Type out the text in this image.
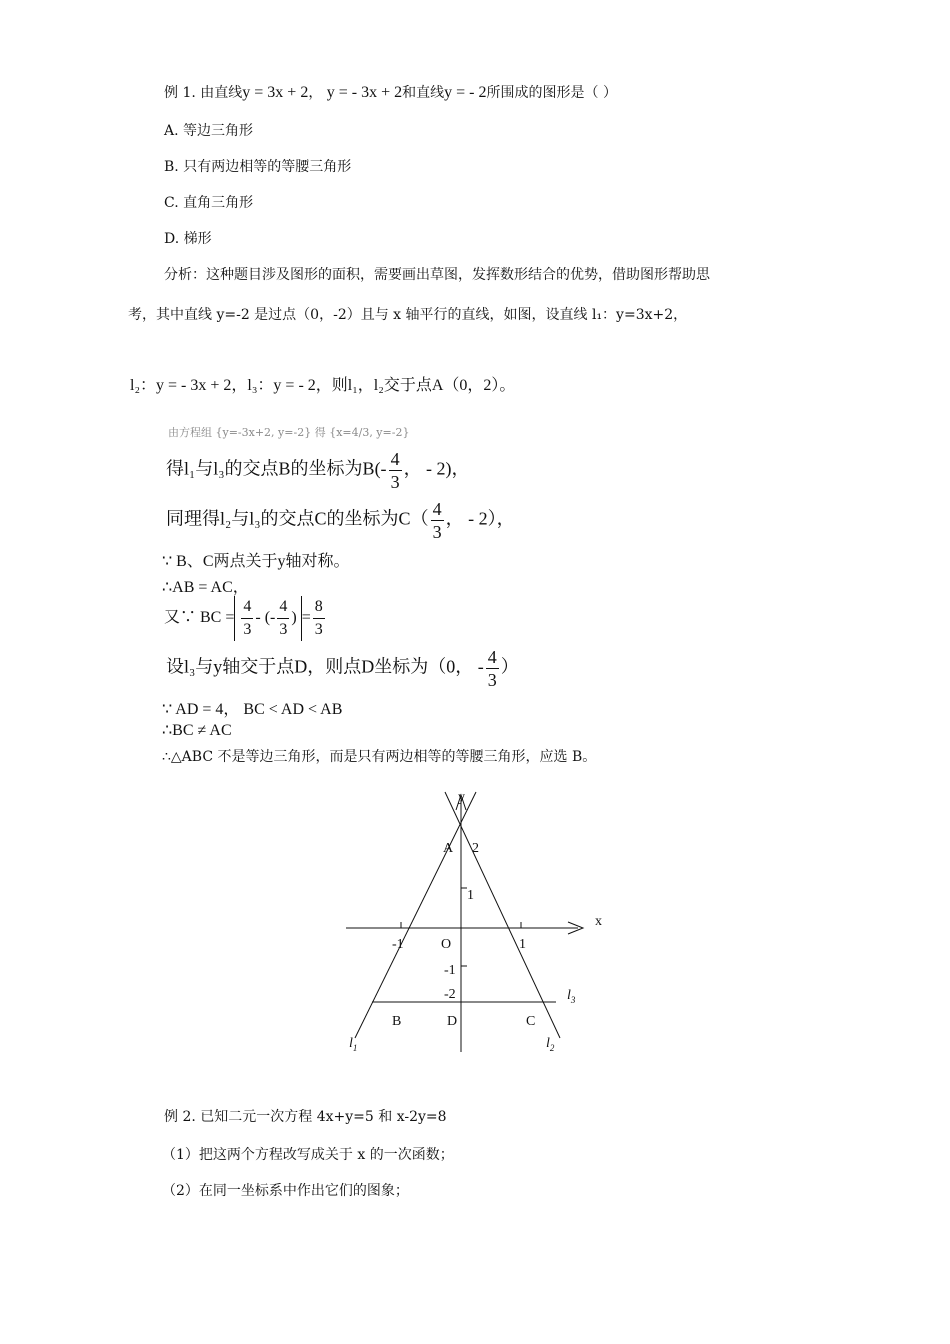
例 1. 由直线y = 3x + 2， y = - 3x + 2和直线y = - 2所围成的图形是（ ）
A. 等边三角形
B. 只有两边相等的等腰三角形
C. 直角三角形
D. 梯形
分析：这种题目涉及图形的面积，需要画出草图，发挥数形结合的优势，借助图形帮助思
考，其中直线 y=-2 是过点（0，-2）且与 x 轴平行的直线，如图，设直线 l₁：y=3x+2，
l₂：y = - 3x + 2，l₃：y = - 2，则l₁，l₂交于点A（0，2）。
由方程组 {y=-3x+2, y=-2} 得 {x=4/3, y=-2}
得l₁与l₃的交点B的坐标为$B(- \frac{4}{3}$ ， - 2)，
同理得l₂与l₃的交点C的坐标为$C( \frac{4}{3}$ ， - 2），
∵ B、C两点关于y轴对称。
∴AB = AC，
又∵ BC = $\frac{4}{3}$ - (- $\frac{4}{3}$ ) = $\frac{8}{3}$
设l₃与y轴交于点D，则点D坐标为（0， - $\frac{4}{3}$ ）
∵ AD = 4， BC < AD < AB
∴BC ≠ AC
∴△ABC 不是等边三角形，而是只有两边相等的等腰三角形，应选 B。
x
y
A 2
1
-1	O	1
-1
-2
B	D	C
$l_3$
$l_1$	$l_2$
例 2. 已知二元一次方程 4x+y=5 和 x-2y=8
（1）把这两个方程改写成关于 x 的一次函数；
（2）在同一坐标系中作出它们的图象；
